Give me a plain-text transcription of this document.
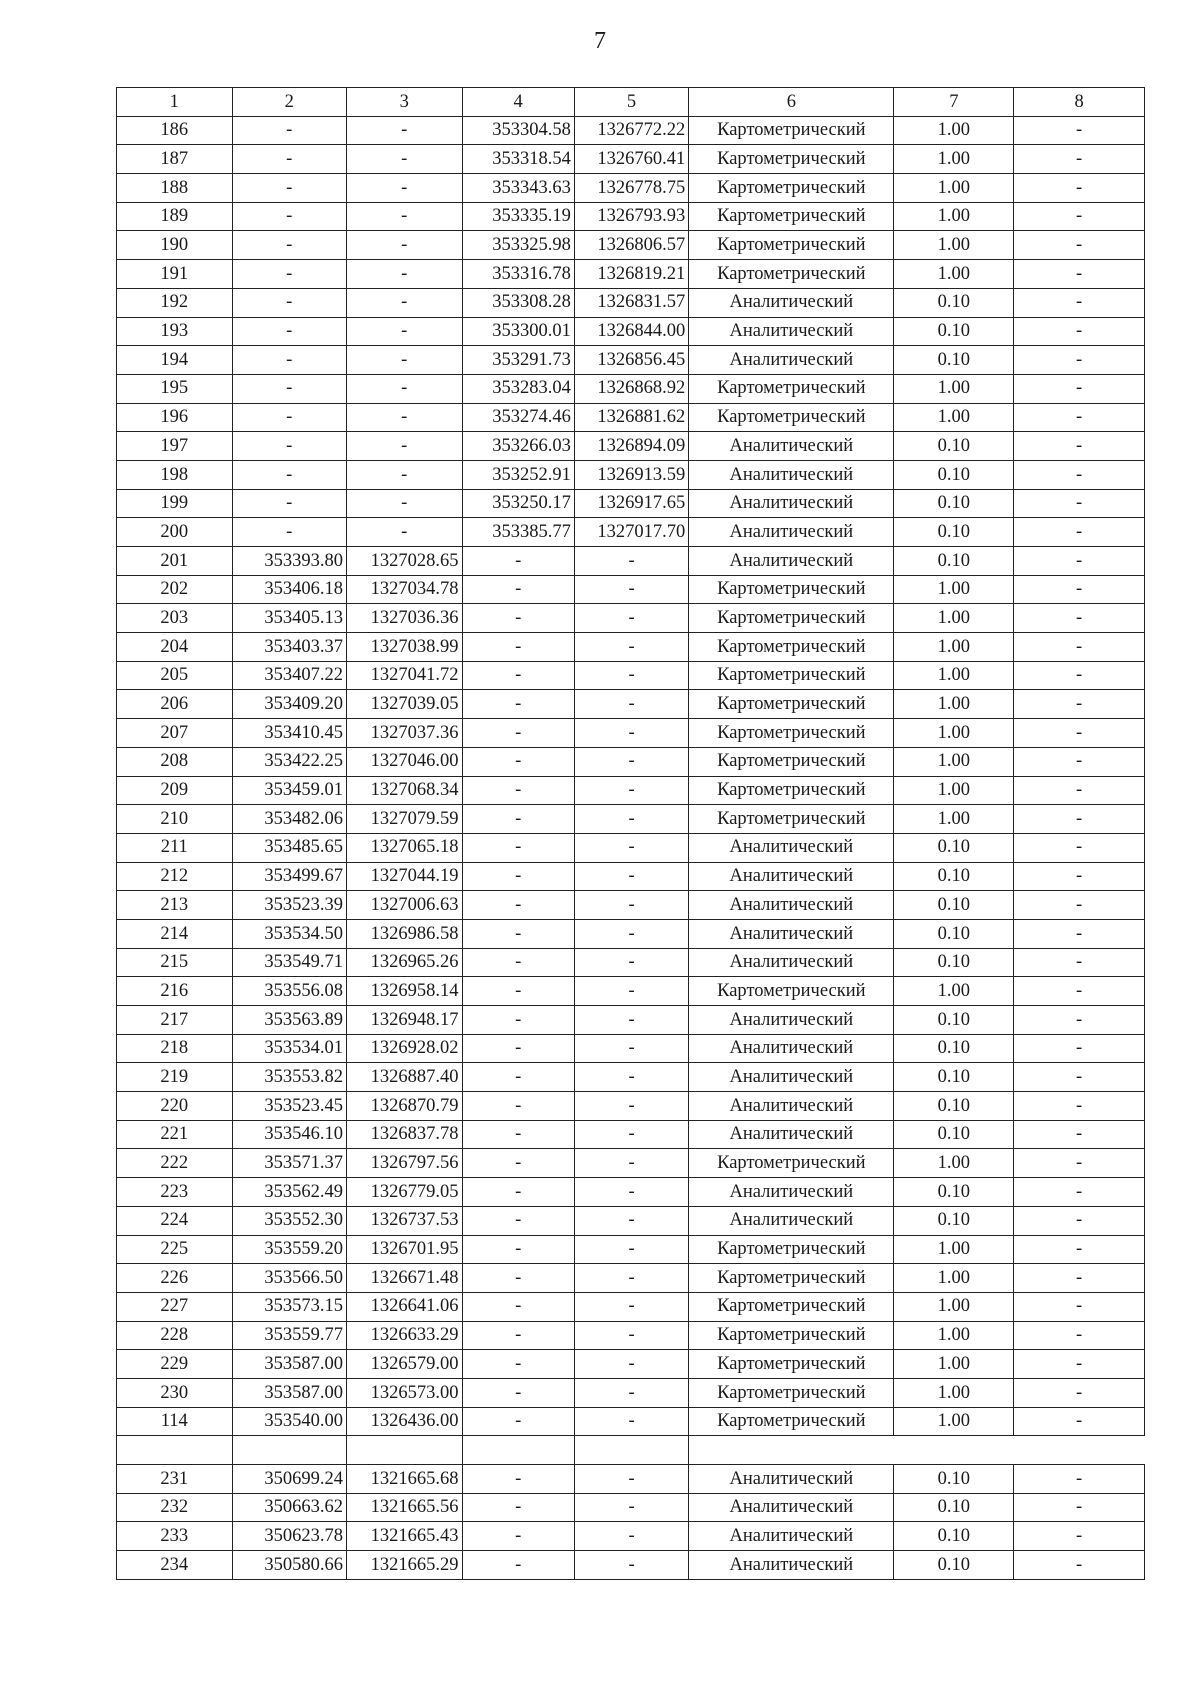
7
1	2	3	4	5	6	7	8
186	-	-	353304.58	1326772.22	Картометрический	1.00	-
187	-	-	353318.54	1326760.41	Картометрический	1.00	-
188	-	-	353343.63	1326778.75	Картометрический	1.00	-
189	-	-	353335.19	1326793.93	Картометрический	1.00	-
190	-	-	353325.98	1326806.57	Картометрический	1.00	-
191	-	-	353316.78	1326819.21	Картометрический	1.00	-
192	-	-	353308.28	1326831.57	Аналитический	0.10	-
193	-	-	353300.01	1326844.00	Аналитический	0.10	-
194	-	-	353291.73	1326856.45	Аналитический	0.10	-
195	-	-	353283.04	1326868.92	Картометрический	1.00	-
196	-	-	353274.46	1326881.62	Картометрический	1.00	-
197	-	-	353266.03	1326894.09	Аналитический	0.10	-
198	-	-	353252.91	1326913.59	Аналитический	0.10	-
199	-	-	353250.17	1326917.65	Аналитический	0.10	-
200	-	-	353385.77	1327017.70	Аналитический	0.10	-
201	353393.80	1327028.65	-	-	Аналитический	0.10	-
202	353406.18	1327034.78	-	-	Картометрический	1.00	-
203	353405.13	1327036.36	-	-	Картометрический	1.00	-
204	353403.37	1327038.99	-	-	Картометрический	1.00	-
205	353407.22	1327041.72	-	-	Картометрический	1.00	-
206	353409.20	1327039.05	-	-	Картометрический	1.00	-
207	353410.45	1327037.36	-	-	Картометрический	1.00	-
208	353422.25	1327046.00	-	-	Картометрический	1.00	-
209	353459.01	1327068.34	-	-	Картометрический	1.00	-
210	353482.06	1327079.59	-	-	Картометрический	1.00	-
211	353485.65	1327065.18	-	-	Аналитический	0.10	-
212	353499.67	1327044.19	-	-	Аналитический	0.10	-
213	353523.39	1327006.63	-	-	Аналитический	0.10	-
214	353534.50	1326986.58	-	-	Аналитический	0.10	-
215	353549.71	1326965.26	-	-	Аналитический	0.10	-
216	353556.08	1326958.14	-	-	Картометрический	1.00	-
217	353563.89	1326948.17	-	-	Аналитический	0.10	-
218	353534.01	1326928.02	-	-	Аналитический	0.10	-
219	353553.82	1326887.40	-	-	Аналитический	0.10	-
220	353523.45	1326870.79	-	-	Аналитический	0.10	-
221	353546.10	1326837.78	-	-	Аналитический	0.10	-
222	353571.37	1326797.56	-	-	Картометрический	1.00	-
223	353562.49	1326779.05	-	-	Аналитический	0.10	-
224	353552.30	1326737.53	-	-	Аналитический	0.10	-
225	353559.20	1326701.95	-	-	Картометрический	1.00	-
226	353566.50	1326671.48	-	-	Картометрический	1.00	-
227	353573.15	1326641.06	-	-	Картометрический	1.00	-
228	353559.77	1326633.29	-	-	Картометрический	1.00	-
229	353587.00	1326579.00	-	-	Картометрический	1.00	-
230	353587.00	1326573.00	-	-	Картометрический	1.00	-
114	353540.00	1326436.00	-	-	Картометрический	1.00	-

231	350699.24	1321665.68	-	-	Аналитический	0.10	-
232	350663.62	1321665.56	-	-	Аналитический	0.10	-
233	350623.78	1321665.43	-	-	Аналитический	0.10	-
234	350580.66	1321665.29	-	-	Аналитический	0.10	-
